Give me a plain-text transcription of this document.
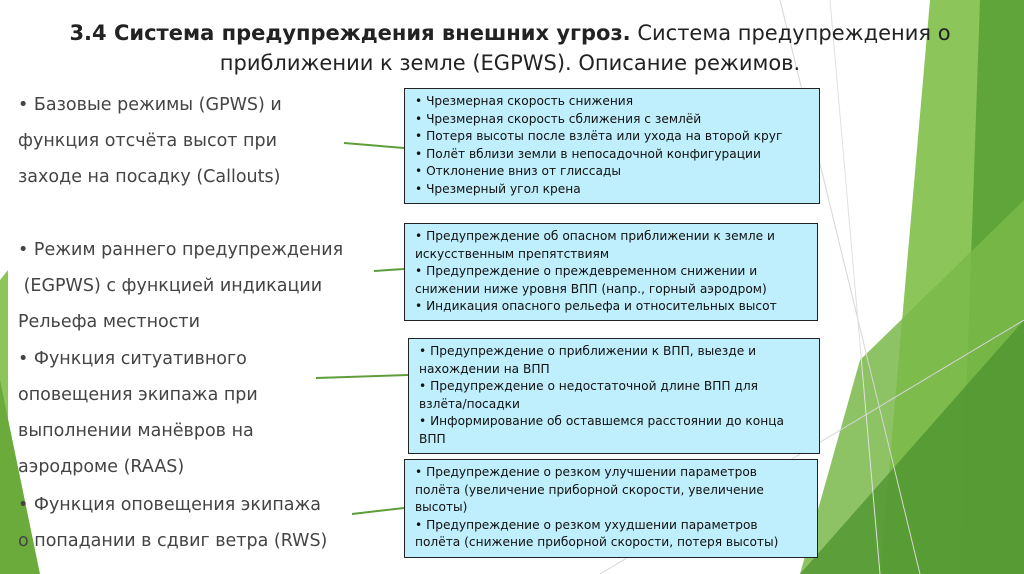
3.4 Система предупреждения внешних угроз. Система предупреждения о
приближении к земле (EGPWS). Описание режимов.
• Базовые режимы (GPWS) и
функция отсчёта высот при
заходе на посадку (Callouts)
• Режим раннего предупреждения
(EGPWS) с функцией индикации
Рельефа местности
• Функция ситуативного
оповещения экипажа при
выполнении манёвров на
аэродроме (RAAS)
• Функция оповещения экипажа
о попадании в сдвиг ветра (RWS)
• Чрезмерная скорость снижения
• Чрезмерная скорость сближения с землёй
• Потеря высоты после взлёта или ухода на второй круг
• Полёт вблизи земли в непосадочной конфигурации
• Отклонение вниз от глиссады
• Чрезмерный угол крена
• Предупреждение об опасном приближении к земле и
искусственным препятствиям
• Предупреждение о преждевременном снижении и
снижении ниже уровня ВПП (напр., горный аэродром)
• Индикация опасного рельефа и относительных высот
• Предупреждение о приближении к ВПП, выезде и
нахождении на ВПП
• Предупреждение о недостаточной длине ВПП для
взлёта/посадки
• Информирование об оставшемся расстоянии до конца
ВПП
• Предупреждение о резком улучшении параметров
полёта (увеличение приборной скорости, увеличение
высоты)
• Предупреждение о резком ухудшении параметров
полёта (снижение приборной скорости, потеря высоты)
